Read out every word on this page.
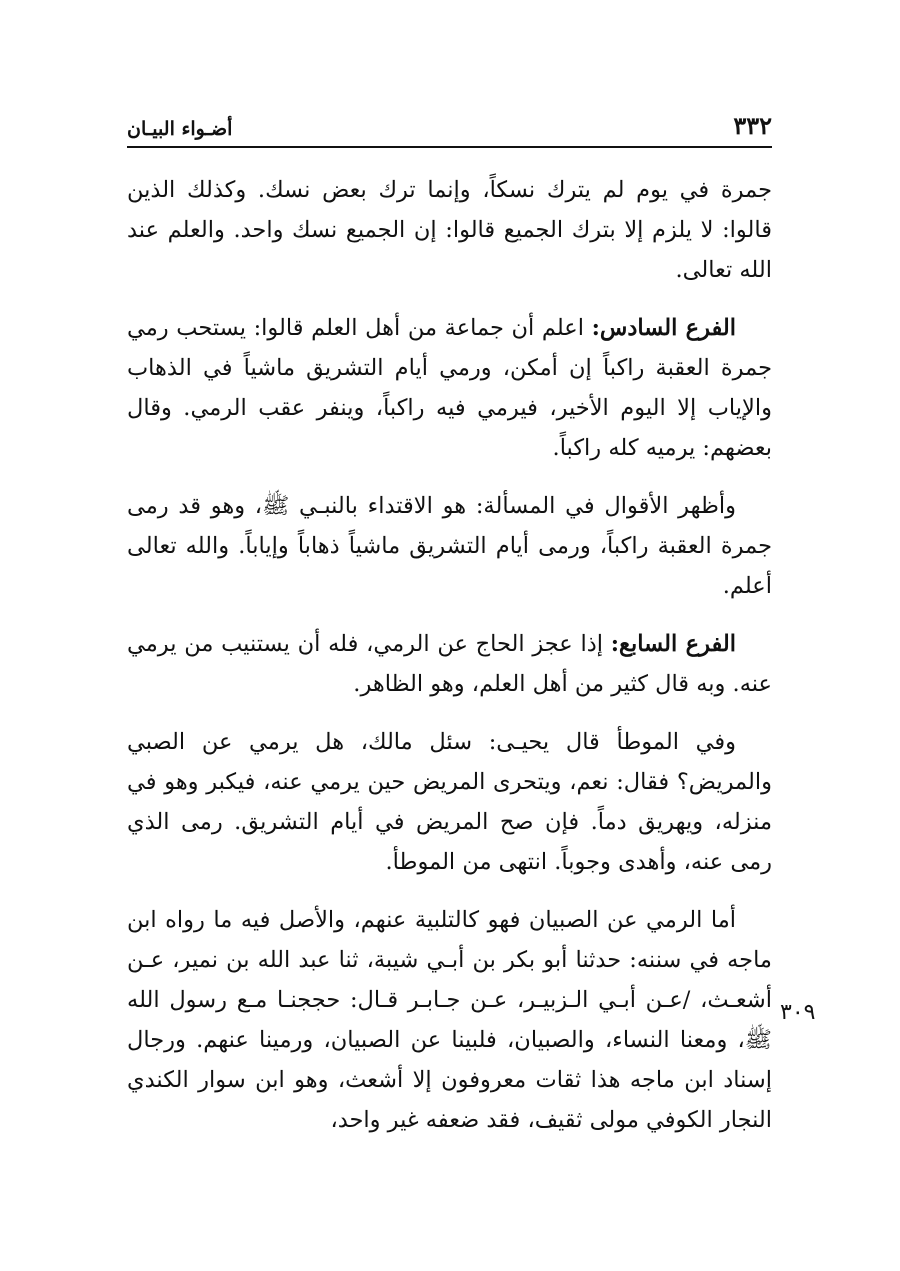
٣٣٢
أضـواء البيـان
٣٠٩

جمرة في يوم لم يترك نسكاً، وإنما ترك بعض نسك. وكذلك الذين قالوا: لا يلزم إلا بترك الجميع قالوا: إن الجميع نسك واحد. والعلم عند الله تعالى.

الفرع السادس: اعلم أن جماعة من أهل العلم قالوا: يستحب رمي جمرة العقبة راكباً إن أمكن، ورمي أيام التشريق ماشياً في الذهاب والإياب إلا اليوم الأخير، فيرمي فيه راكباً، وينفر عقب الرمي. وقال بعضهم: يرميه كله راكباً.

وأظهر الأقوال في المسألة: هو الاقتداء بالنبـي ﷺ، وهو قد رمى جمرة العقبة راكباً، ورمى أيام التشريق ماشياً ذهاباً وإياباً. والله تعالى أعلم.

الفرع السابع: إذا عجز الحاج عن الرمي، فله أن يستنيب من يرمي عنه. وبه قال كثير من أهل العلم، وهو الظاهر.

وفي الموطأ قال يحيـى: سئل مالك، هل يرمي عن الصبي والمريض؟ فقال: نعم، ويتحرى المريض حين يرمي عنه، فيكبر وهو في منزله، ويهريق دماً. فإن صح المريض في أيام التشريق. رمى الذي رمى عنه، وأهدى وجوباً. انتهى من الموطأ.

أما الرمي عن الصبيان فهو كالتلبية عنهم، والأصل فيه ما رواه ابن ماجه في سننه: حدثنا أبو بكر بن أبـي شيبة، ثنا عبد الله بن نمير، عـن أشعـث، /عـن أبـي الـزبيـر، عـن جـابـر قـال: حججنـا مـع رسول الله ﷺ، ومعنا النساء، والصبيان، فلبينا عن الصبيان، ورمينا عنهم. ورجال إسناد ابن ماجه هذا ثقات معروفون إلا أشعث، وهو ابن سوار الكندي النجار الكوفي مولى ثقيف، فقد ضعفه غير واحد،
